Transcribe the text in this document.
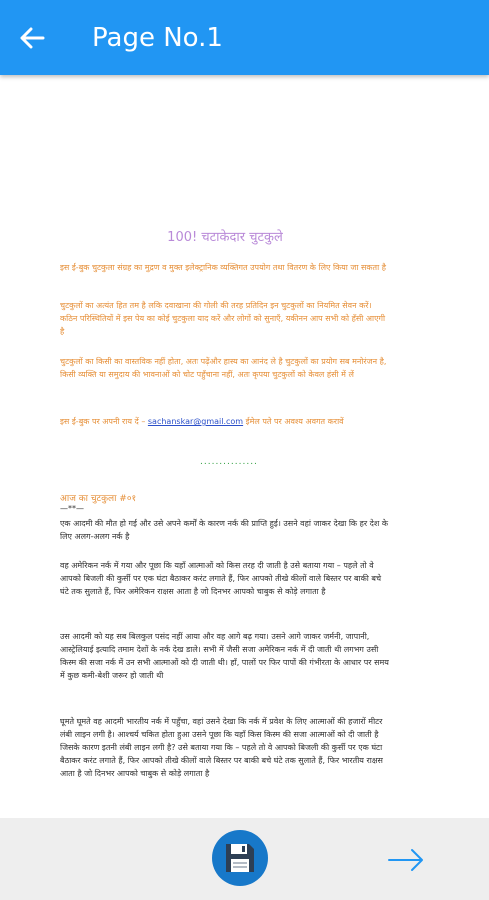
Page No.1
100! चटाकेदार चुटकुले

इस ई-बुक चुटकुला संग्रह का मुद्रण व मुक्त इलेक्ट्रानिक व्यक्तिगत उपयोग तथा वितरण के लिए किया जा सकता है

चुटकुलों का अत्यंत हित तम है लकि दवाखाना की गोली की तरह प्रतिदिन इन चुटकुलों का नियमित सेवन करें। कठिन परिस्थितियों में इस पेय का कोई चुटकुला याद करें और लोगों को सुनाएँ, यकीनन आप सभी को हँसी आएगी है

चुटकुलों का किसी का वास्तविक नहीं होता, अतः पढ़ेंऔर हास्य का आनंद ले है चुटकुलों का प्रयोग सब मनोरंजन है, किसी व्यक्ति या समुदाय की भावनाओं को चोट पहुँचाना नहीं, अतः कृपया चुटकुलों को केवल हंसी में लें

इस ई-बुक पर अपनी राय दें – sachanskar@gmail.com ईमेल पते पर अवश्य अवगत करावें

...............
आज का चुटकुला #०१
—**—

एक आदमी की मौत हो गई और उसे अपने कर्मों के कारण नर्क की प्राप्ति हुई। उसने वहां जाकर देखा कि हर देश के लिए अलग-अलग नर्क है

वह अमेरिकन नर्क में गया और पूछा कि यहाँ आत्माओं को किस तरह दी जाती है उसे बताया गया – पहले तो वे आपको बिजली की कुर्सी पर एक घंटा बैठाकर करंट लगाते हैं, फिर आपको तीखे कीलों वाले बिस्तर पर बाकी बचे घंटे तक सुलाते हैं, फिर अमेरिकन राक्षस आता है जो दिनभर आपको चाबुक से कोड़े लगाता है

उस आदमी को यह सब बिलकुल पसंद नहीं आया और वह आगे बढ़ गया। उसने आगे जाकर जर्मनी, जापानी, आस्ट्रेलियाई इत्यादि तमाम देशों के नर्क देख डाले। सभी में जैसी सजा अमेरिकन नर्क में दी जाती थी लगभग उसी किस्म की सजा नर्क में उन सभी आत्माओं को दी जाती थी। हाँ, पालों पर फिर पापों की गंभीरता के आधार पर समय में कुछ कमी-बेशी जरूर हो जाती थी

घूमते घूमते वह आदमी भारतीय नर्क में पहुँचा, वहां उसने देखा कि नर्क में प्रवेश के लिए आत्माओं की हजारों मीटर लंबी लाइन लगी है। आश्चर्य चकित होता हुआ उसने पूछा कि यहाँ किस किस्म की सजा आत्माओं को दी जाती है जिसके कारण इतनी लंबी लाइन लगी है? उसे बताया गया कि – पहले तो वे आपको बिजली की कुर्सी पर एक घंटा बैठाकर करंट लगाते हैं, फिर आपको तीखे कीलों वाले बिस्तर पर बाकी बचे घंटे तक सुलाते हैं, फिर भारतीय राक्षस आता है जो दिनभर आपको चाबुक से कोड़े लगाता है
